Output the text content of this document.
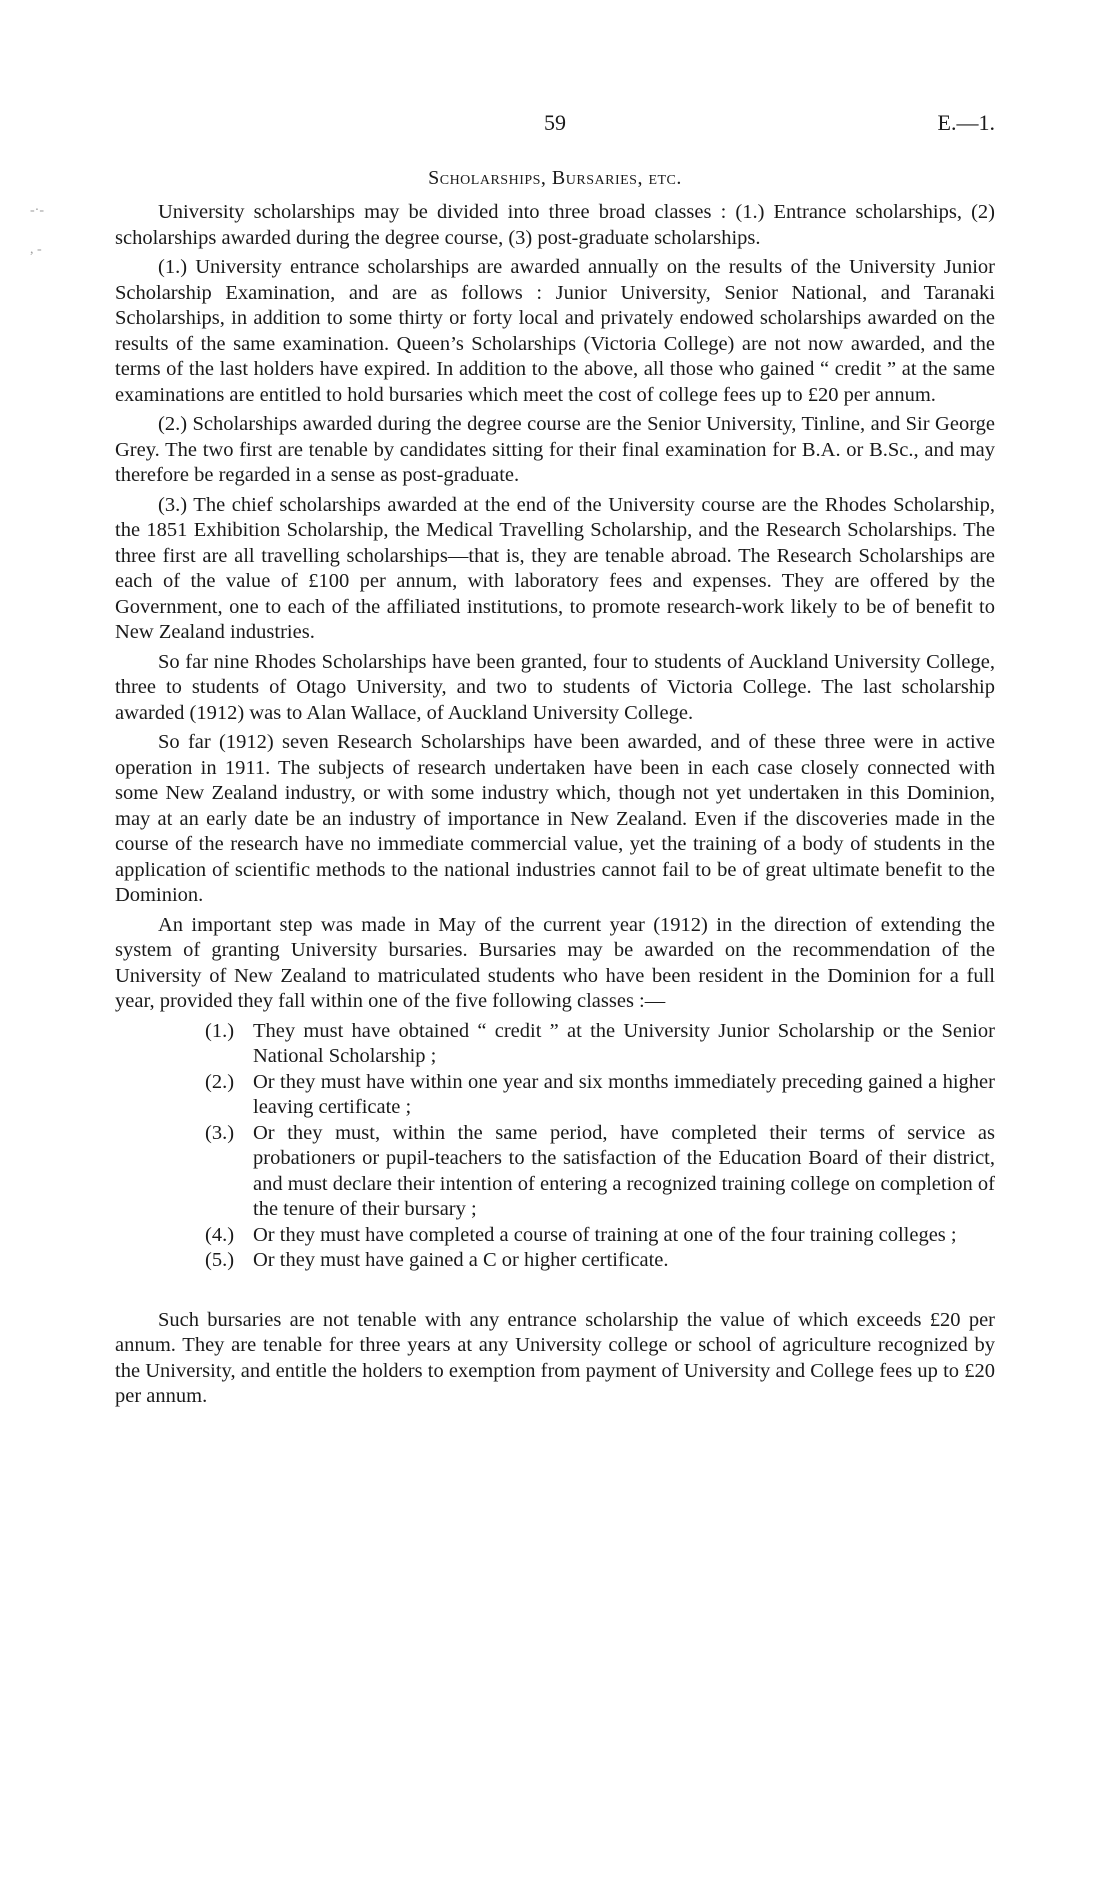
59	E.—1.
Scholarships, Bursaries, etc.
-·-
, -

University scholarships may be divided into three broad classes : (1.) Entrance scholarships, (2) scholarships awarded during the degree course, (3) post-graduate scholarships.

(1.) University entrance scholarships are awarded annually on the results of the University Junior Scholarship Examination, and are as follows : Junior University, Senior National, and Taranaki Scholarships, in addition to some thirty or forty local and privately endowed scholarships awarded on the results of the same examination. Queen’s Scholarships (Victoria College) are not now awarded, and the terms of the last holders have expired. In addition to the above, all those who gained “ credit ” at the same examinations are entitled to hold bursaries which meet the cost of college fees up to £20 per annum.

(2.) Scholarships awarded during the degree course are the Senior University, Tinline, and Sir George Grey. The two first are tenable by candidates sitting for their final examination for B.A. or B.Sc., and may therefore be regarded in a sense as post-graduate.

(3.) The chief scholarships awarded at the end of the University course are the Rhodes Scholarship, the 1851 Exhibition Scholarship, the Medical Travelling Scholarship, and the Research Scholarships. The three first are all travelling scholarships—that is, they are tenable abroad. The Research Scholarships are each of the value of £100 per annum, with laboratory fees and expenses. They are offered by the Government, one to each of the affiliated institutions, to promote research-work likely to be of benefit to New Zealand industries.

So far nine Rhodes Scholarships have been granted, four to students of Auckland University College, three to students of Otago University, and two to students of Victoria College. The last scholarship awarded (1912) was to Alan Wallace, of Auckland University College.

So far (1912) seven Research Scholarships have been awarded, and of these three were in active operation in 1911. The subjects of research undertaken have been in each case closely connected with some New Zealand industry, or with some industry which, though not yet undertaken in this Dominion, may at an early date be an industry of importance in New Zealand. Even if the discoveries made in the course of the research have no immediate commercial value, yet the training of a body of students in the application of scientific methods to the national industries cannot fail to be of great ultimate benefit to the Dominion.

An important step was made in May of the current year (1912) in the direction of extending the system of granting University bursaries. Bursaries may be awarded on the recommendation of the University of New Zealand to matriculated students who have been resident in the Dominion for a full year, provided they fall within one of the five following classes :—

(1.) They must have obtained “ credit ” at the University Junior Scholarship or the Senior National Scholarship ;
(2.) Or they must have within one year and six months immediately preceding gained a higher leaving certificate ;
(3.) Or they must, within the same period, have completed their terms of service as probationers or pupil-teachers to the satisfaction of the Education Board of their district, and must declare their intention of entering a recognized training college on completion of the tenure of their bursary ;
(4.) Or they must have completed a course of training at one of the four training colleges ;
(5.) Or they must have gained a C or higher certificate.

Such bursaries are not tenable with any entrance scholarship the value of which exceeds £20 per annum. They are tenable for three years at any University college or school of agriculture recognized by the University, and entitle the holders to exemption from payment of University and College fees up to £20 per annum.
